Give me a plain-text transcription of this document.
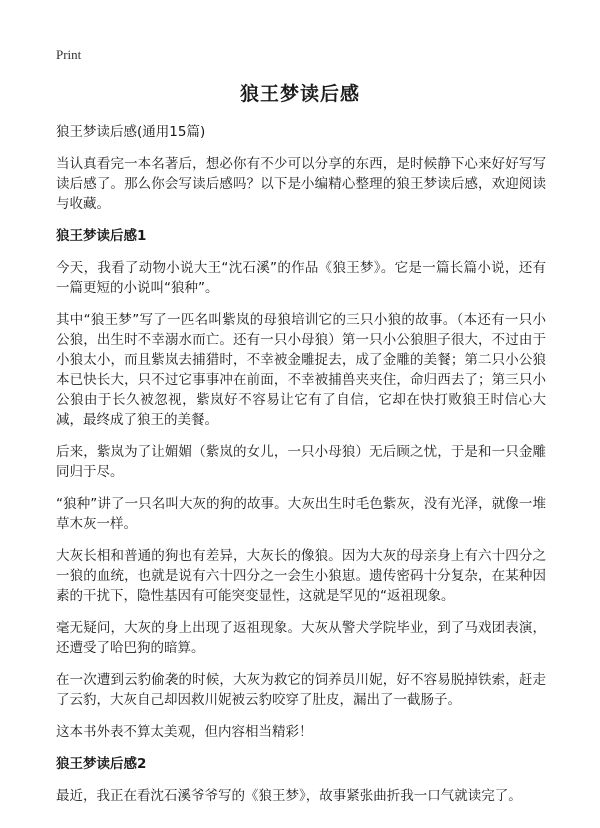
Print
狼王梦读后感

狼王梦读后感(通用15篇)

当认真看完一本名著后，想必你有不少可以分享的东西，是时候静下心来好好写写读后感了。那么你会写读后感吗？以下是小编精心整理的狼王梦读后感，欢迎阅读与收藏。

狼王梦读后感1

今天，我看了动物小说大王“沈石溪”的作品《狼王梦》。它是一篇长篇小说，还有一篇更短的小说叫“狼种”。

其中“狼王梦”写了一匹名叫紫岚的母狼培训它的三只小狼的故事。（本还有一只小公狼，出生时不幸溺水而亡。还有一只小母狼）第一只小公狼胆子很大，不过由于小狼太小，而且紫岚去捕猎时，不幸被金雕捉去，成了金雕的美餐；第二只小公狼本已快长大，只不过它事事冲在前面，不幸被捕兽夹夹住，命归西去了；第三只小公狼由于长久被忽视，紫岚好不容易让它有了自信，它却在快打败狼王时信心大减，最终成了狼王的美餐。

后来，紫岚为了让媚媚（紫岚的女儿，一只小母狼）无后顾之忧，于是和一只金雕同归于尽。

“狼种”讲了一只名叫大灰的狗的故事。大灰出生时毛色紫灰，没有光泽，就像一堆草木灰一样。

大灰长相和普通的狗也有差异，大灰长的像狼。因为大灰的母亲身上有六十四分之一狼的血统，也就是说有六十四分之一会生小狼崽。遗传密码十分复杂，在某种因素的干扰下，隐性基因有可能突变显性，这就是罕见的“返祖现象。

毫无疑问，大灰的身上出现了返祖现象。大灰从警犬学院毕业，到了马戏团表演，还遭受了哈巴狗的暗算。

在一次遭到云豹偷袭的时候，大灰为救它的饲养员川妮，好不容易脱掉铁索，赶走了云豹，大灰自己却因救川妮被云豹咬穿了肚皮，漏出了一截肠子。

这本书外表不算太美观，但内容相当精彩！

狼王梦读后感2

最近，我正在看沈石溪爷爷写的《狼王梦》，故事紧张曲折我一口气就读完了。
